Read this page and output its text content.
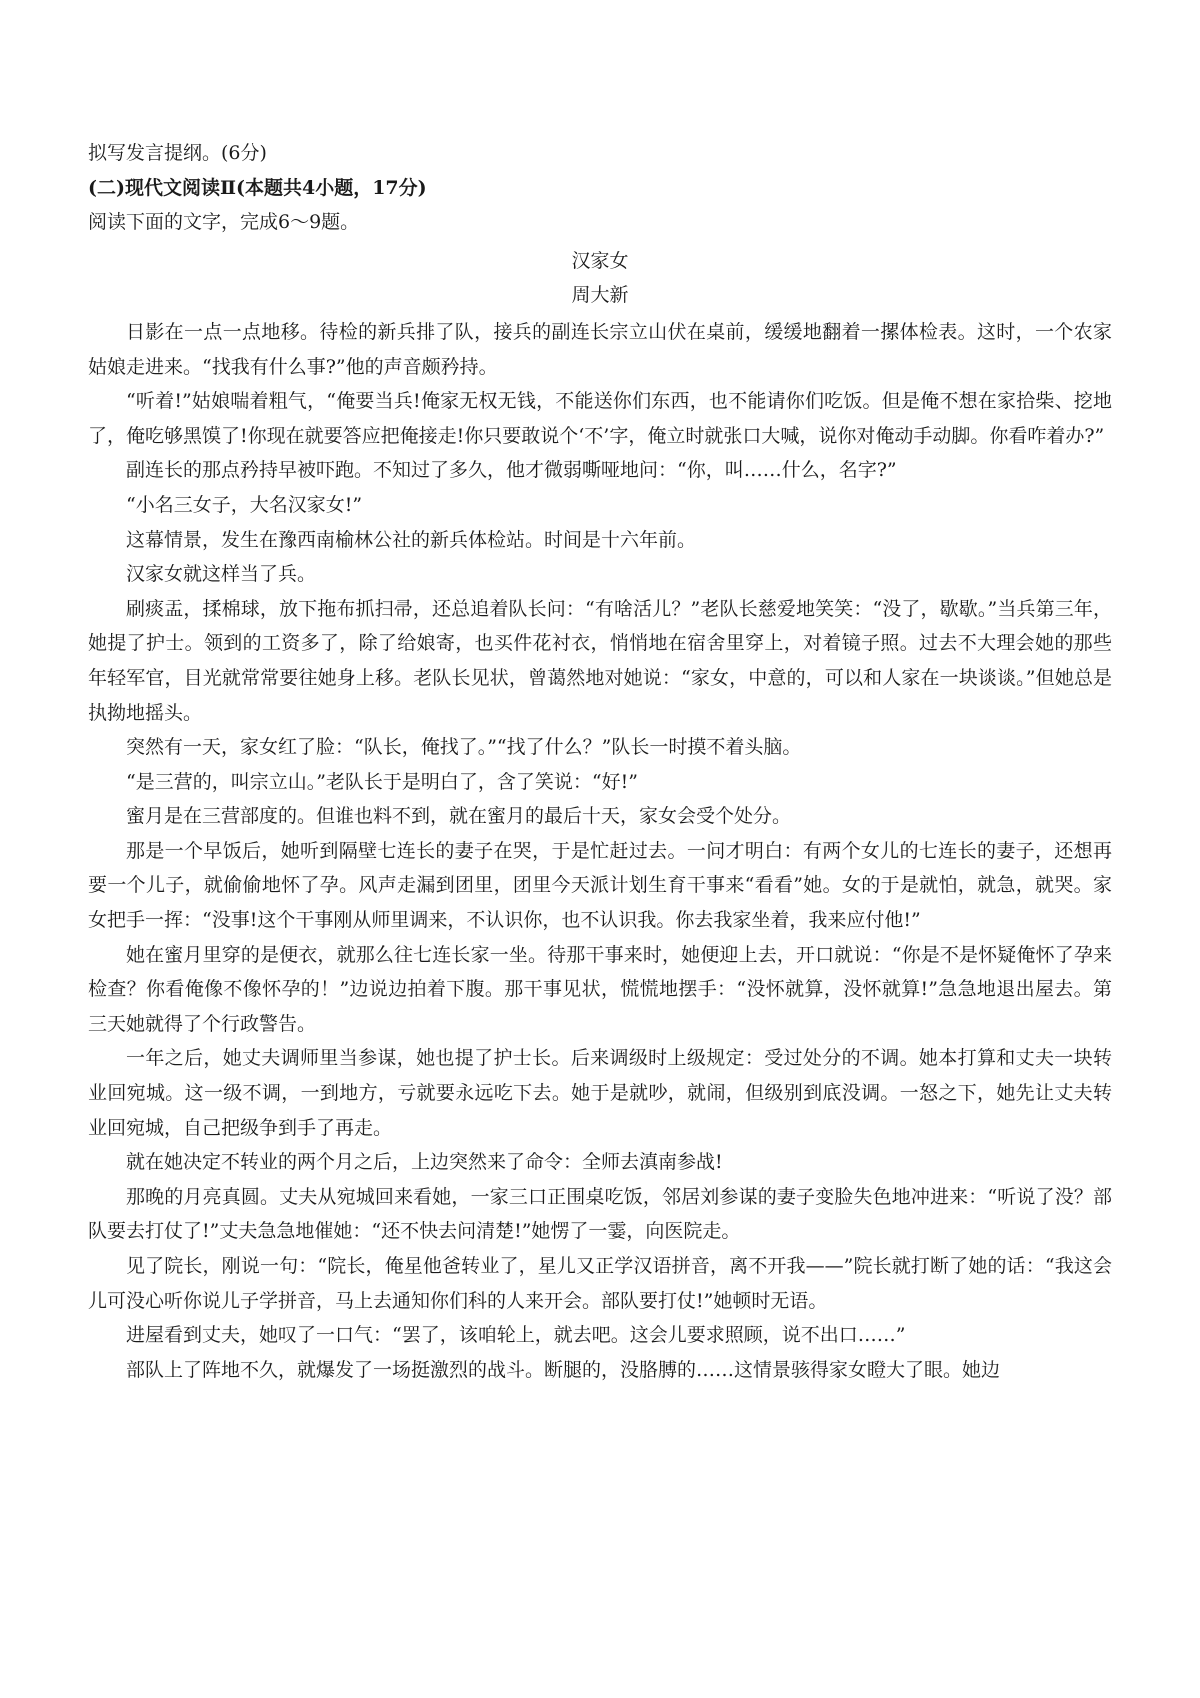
拟写发言提纲。(6分)

(二)现代文阅读Ⅱ(本题共4小题，17分)

阅读下面的文字，完成6～9题。

汉家女

周大新

日影在一点一点地移。待检的新兵排了队，接兵的副连长宗立山伏在桌前，缓缓地翻着一摞体检表。这时，一个农家姑娘走进来。“找我有什么事?”他的声音颇矜持。

“听着!”姑娘喘着粗气，“俺要当兵!俺家无权无钱，不能送你们东西，也不能请你们吃饭。但是俺不想在家拾柴、挖地了，俺吃够黑馍了!你现在就要答应把俺接走!你只要敢说个‘不’字，俺立时就张口大喊，说你对俺动手动脚。你看咋着办?”

副连长的那点矜持早被吓跑。不知过了多久，他才微弱嘶哑地问：“你，叫……什么，名字?”

“小名三女子，大名汉家女!”

这幕情景，发生在豫西南榆林公社的新兵体检站。时间是十六年前。

汉家女就这样当了兵。

刷痰盂，揉棉球，放下拖布抓扫帚，还总追着队长问：“有啥活儿？”老队长慈爱地笑笑：“没了，歇歇。”当兵第三年，她提了护士。领到的工资多了，除了给娘寄，也买件花衬衣，悄悄地在宿舍里穿上，对着镜子照。过去不大理会她的那些年轻军官，目光就常常要往她身上移。老队长见状，曾蔼然地对她说：“家女，中意的，可以和人家在一块谈谈。”但她总是执拗地摇头。

突然有一天，家女红了脸：“队长，俺找了。”“找了什么？”队长一时摸不着头脑。

“是三营的，叫宗立山。”老队长于是明白了，含了笑说：“好!”

蜜月是在三营部度的。但谁也料不到，就在蜜月的最后十天，家女会受个处分。

那是一个早饭后，她听到隔壁七连长的妻子在哭，于是忙赶过去。一问才明白：有两个女儿的七连长的妻子，还想再要一个儿子，就偷偷地怀了孕。风声走漏到团里，团里今天派计划生育干事来“看看”她。女的于是就怕，就急，就哭。家女把手一挥：“没事!这个干事刚从师里调来，不认识你，也不认识我。你去我家坐着，我来应付他!”

她在蜜月里穿的是便衣，就那么往七连长家一坐。待那干事来时，她便迎上去，开口就说：“你是不是怀疑俺怀了孕来检查？你看俺像不像怀孕的！”边说边拍着下腹。那干事见状，慌慌地摆手：“没怀就算，没怀就算!”急急地退出屋去。第三天她就得了个行政警告。

一年之后，她丈夫调师里当参谋，她也提了护士长。后来调级时上级规定：受过处分的不调。她本打算和丈夫一块转业回宛城。这一级不调，一到地方，亏就要永远吃下去。她于是就吵，就闹，但级别到底没调。一怒之下，她先让丈夫转业回宛城，自己把级争到手了再走。

就在她决定不转业的两个月之后，上边突然来了命令：全师去滇南参战!

那晚的月亮真圆。丈夫从宛城回来看她，一家三口正围桌吃饭，邻居刘参谋的妻子变脸失色地冲进来：“听说了没？部队要去打仗了!”丈夫急急地催她：“还不快去问清楚!”她愣了一霎，向医院走。

见了院长，刚说一句：“院长，俺星他爸转业了，星儿又正学汉语拼音，离不开我——”院长就打断了她的话：“我这会儿可没心听你说儿子学拼音，马上去通知你们科的人来开会。部队要打仗!”她顿时无语。

进屋看到丈夫，她叹了一口气：“罢了，该咱轮上，就去吧。这会儿要求照顾，说不出口……”

部队上了阵地不久，就爆发了一场挺激烈的战斗。断腿的，没胳膊的……这情景骇得家女瞪大了眼。她边
